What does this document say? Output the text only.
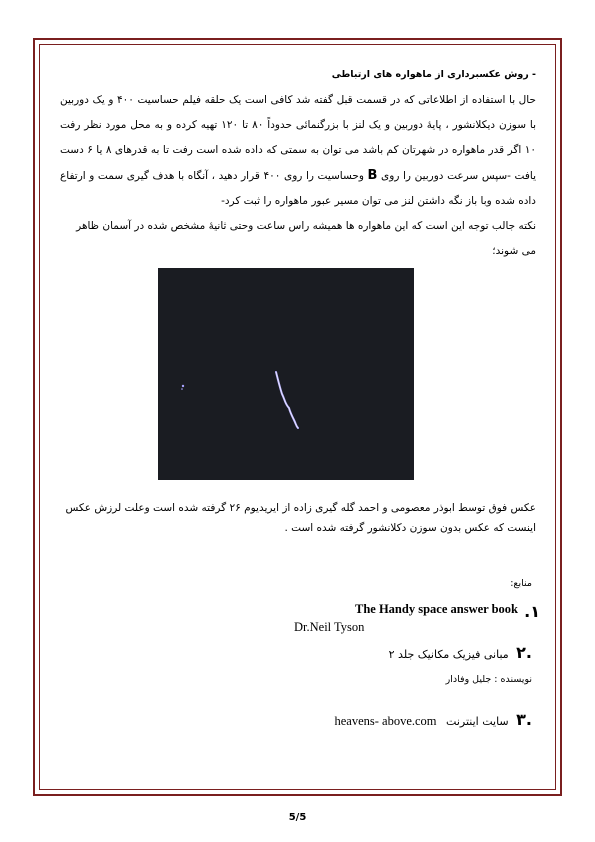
- روش عکسبرداری از ماهواره های ارتباطی

حال با استفاده از اطلاعاتی که در قسمت قبل گفته شد کافی است یک حلقه فیلم حساسیت ۴۰۰ و یک دوربین با سوزن دیکلانشور ، پایهٔ دوربین و یک لنز با بزرگنمائی حدوداً ۸۰ تا ۱۲۰ تهیه کرده و به محل مورد نظر رفت ۱۰ اگر قدر ماهواره در شهرتان کم باشد می توان به سمتی که داده شده است رفت تا به قدرهای ۸ یا ۶ دست یافت -سپس سرعت دوربین را روی B وحساسیت را روی ۴۰۰ قرار دهید ، آنگاه با هدف گیری سمت و ارتفاع داده شده وبا باز نگه داشتن لنز می توان مسیر عبور ماهواره را ثبت کرد-

نکته جالب توجه این است که این ماهواره ها همیشه راس ساعت وحتی ثانیهٔ مشخص شده در آسمان ظاهر می شوند؛

عکس فوق توسط ابوذر معصومی و احمد گله گیری زاده از ایریدیوم ۲۶ گرفته شده است وعلت لرزش عکس اینست که عکس بدون سوزن دکلانشور گرفته شده است .
منابع:
.۱
The Handy space answer book
Dr.Neil Tyson
.۲ مبانی فیزیک مکانیک جلد ۲
نویسنده : جلیل وفادار
.۳ سایت اینترنت heavens- above.com
5/5
